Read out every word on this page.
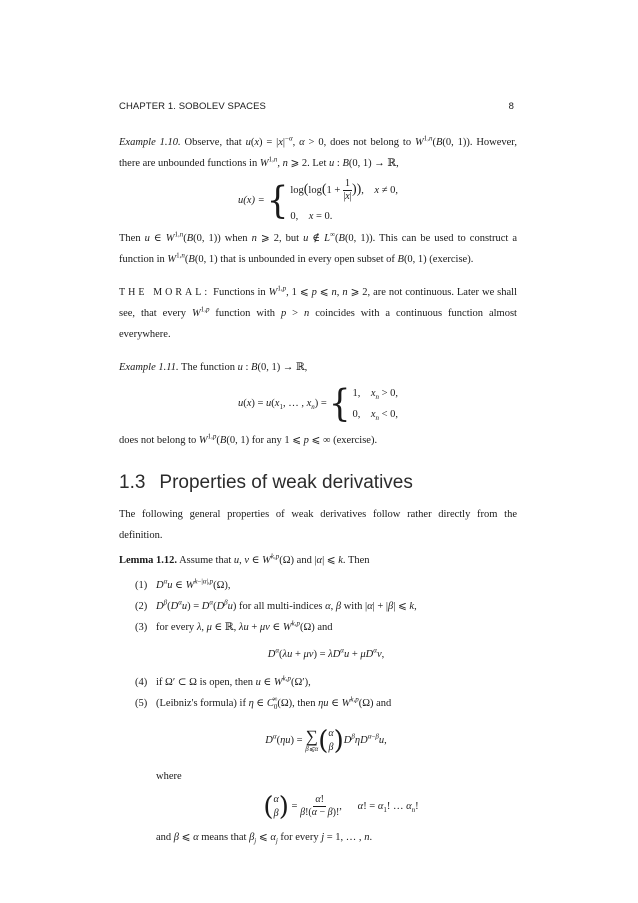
CHAPTER 1. SOBOLEV SPACES	8

Example 1.10. Observe, that $u(x) = |x|^{-\alpha}$, α > 0, does not belong to W$^{1,n}$(B(0, 1)). However, there are unbounded functions in W$^{1,n}$, n ⩾ 2. Let u : B(0, 1) → ℝ,

u(x) = { $\log(\log(1 + \frac{1}{|x|}$ )),    x ≠ 0,
0,    x = 0.

Then u ∈ W$^{1,n}$(B(0, 1)) when n ⩾ 2, but u ∉ L∞(B(0, 1)). This can be used to construct a function in W$^{1,n}$(B(0, 1) that is unbounded in every open subset of B(0, 1) (exercise).

THE MORAL: Functions in W$^{1,p}$, 1 ⩽ p ⩽ n, n ⩾ 2, are not continuous. Later we shall see, that every W$^{1,p}$ function with p > n coincides with a continuous function almost everywhere.

Example 1.11. The function u : B(0, 1) → ℝ,

$u(x) = u(x_1$, … , $x_n$) = { 1,    $x_n > 0$,
0,    $x_n < 0$,

does not belong to W$^{1,p}$(B(0, 1) for any 1 ⩽ p ⩽ ∞ (exercise).

1.3 Properties of weak derivatives

The following general properties of weak derivatives follow rather directly from the definition.

Lemma 1.12. Assume that u, v ∈ W$^{k,p}$(Ω) and |α| ⩽ k. Then

(1) $D^\alpha u$ ∈ $W^{k-|\alpha|,p}(\Omega)$,
(2) $D^\beta(D^\alpha u) = D^\alpha(D^\beta u)$ for all multi-indices α, β with |α| + |β| ⩽ k,
(3) for every λ, μ ∈ ℝ, λu + μv ∈ W$^{k,p}$(Ω) and
$D^\alpha(\lambda u + \mu v) = \lambda D^\alpha u + \mu D^\alpha v$,
(4) if Ω′ ⊂ Ω is open, then u ∈ W$^{k,p}$(Ω′),
(5) (Leibniz's formula) if η ∈ $C_0^\infty(\Omega)$, then ηu ∈ W$^{k,p}$(Ω) and
$D^\alpha(\eta u)$ = ∑
β⩽α ( α
β ) $D^\beta\eta D^{\alpha-\beta}u$,
where
( α
β ) = $\frac{\alpha!}{\beta!(\alpha - \beta)!}$ ,      α! = $\alpha_1$! … $\alpha_n$!
and β ⩽ α means that $\beta_j$ ⩽ $\alpha_j$ for every j = 1, … , n.
